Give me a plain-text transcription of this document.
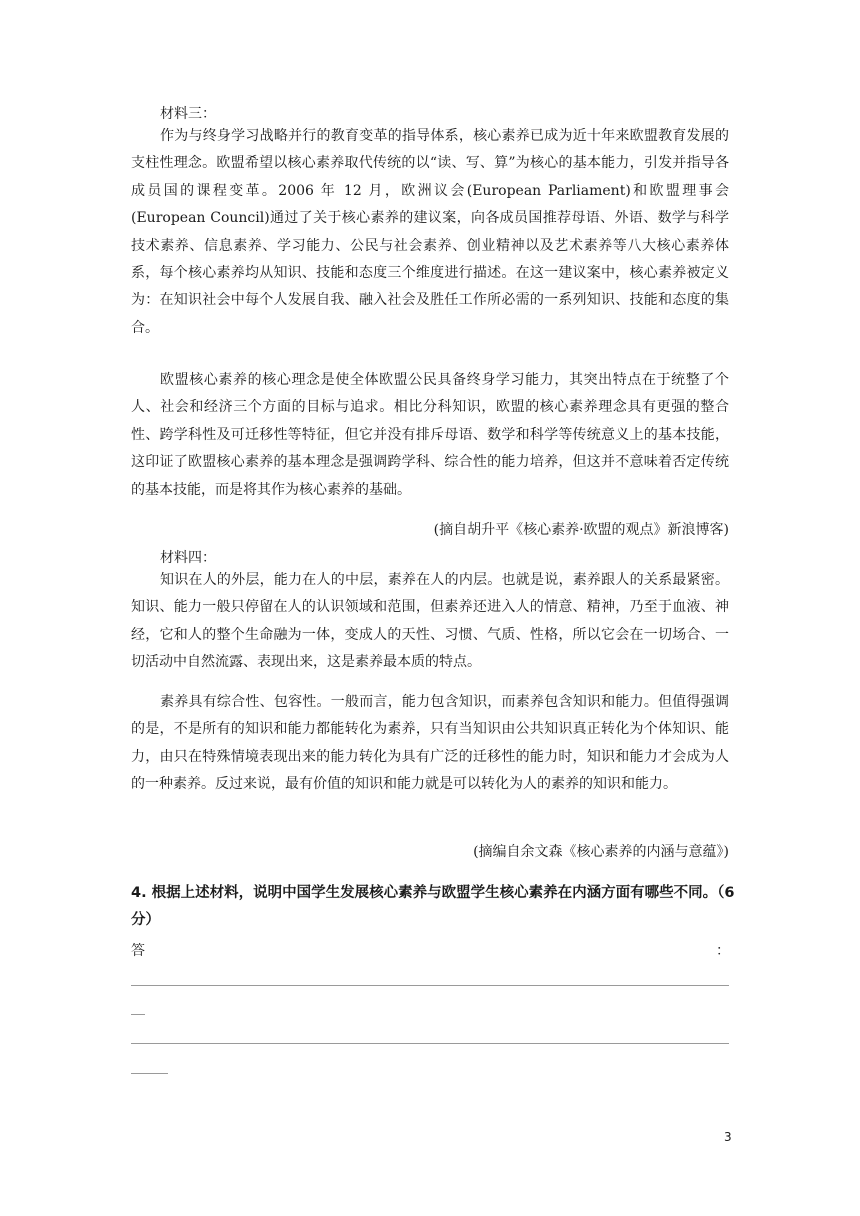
材料三：

作为与终身学习战略并行的教育变革的指导体系，核心素养已成为近十年来欧盟教育发展的支柱性理念。欧盟希望以核心素养取代传统的以“读、写、算”为核心的基本能力，引发并指导各成员国的课程变革。2006 年 12 月，欧洲议会(European Parliament)和欧盟理事会(European Council)通过了关于核心素养的建议案，向各成员国推荐母语、外语、数学与科学技术素养、信息素养、学习能力、公民与社会素养、创业精神以及艺术素养等八大核心素养体系，每个核心素养均从知识、技能和态度三个维度进行描述。在这一建议案中，核心素养被定义为：在知识社会中每个人发展自我、融入社会及胜任工作所必需的一系列知识、技能和态度的集合。

欧盟核心素养的核心理念是使全体欧盟公民具备终身学习能力，其突出特点在于统整了个人、社会和经济三个方面的目标与追求。相比分科知识，欧盟的核心素养理念具有更强的整合性、跨学科性及可迁移性等特征，但它并没有排斥母语、数学和科学等传统意义上的基本技能，这印证了欧盟核心素养的基本理念是强调跨学科、综合性的能力培养，但这并不意味着否定传统的基本技能，而是将其作为核心素养的基础。

(摘自胡升平《核心素养·欧盟的观点》新浪博客)
材料四：

知识在人的外层，能力在人的中层，素养在人的内层。也就是说，素养跟人的关系最紧密。知识、能力一般只停留在人的认识领域和范围，但素养还进入人的情意、精神，乃至于血液、神经，它和人的整个生命融为一体，变成人的天性、习惯、气质、性格，所以它会在一切场合、一切活动中自然流露、表现出来，这是素养最本质的特点。

素养具有综合性、包容性。一般而言，能力包含知识，而素养包含知识和能力。但值得强调的是，不是所有的知识和能力都能转化为素养，只有当知识由公共知识真正转化为个体知识、能力，由只在特殊情境表现出来的能力转化为具有广泛的迁移性的能力时，知识和能力才会成为人的一种素养。反过来说，最有价值的知识和能力就是可以转化为人的素养的知识和能力。

(摘编自余文森《核心素养的内涵与意蕴》)

4. 根据上述材料，说明中国学生发展核心素养与欧盟学生核心素养在内涵方面有哪些不同。（6 分）

答	：
3
